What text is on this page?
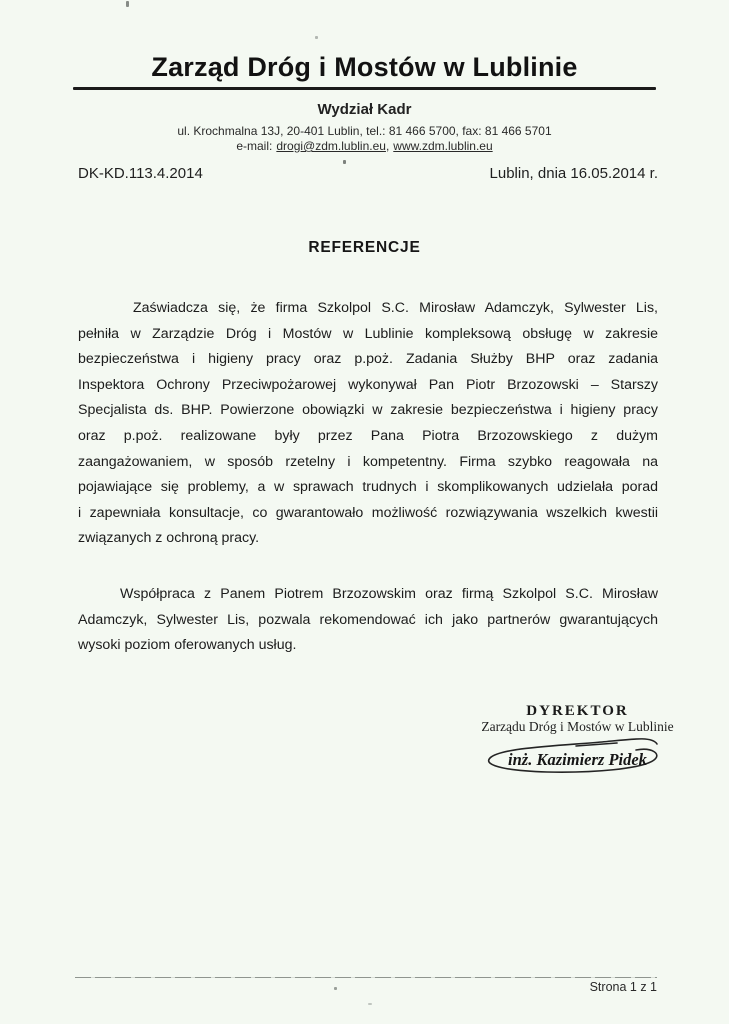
Zarząd Dróg i Mostów w Lublinie
Wydział Kadr
ul. Krochmalna 13J, 20-401 Lublin, tel.: 81 466 5700, fax: 81 466 5701
e-mail: drogi@zdm.lublin.eu, www.zdm.lublin.eu
DK-KD.113.4.2014	Lublin, dnia 16.05.2014 r.
REFERENCJE
Zaświadcza się, że firma Szkolpol S.C. Mirosław Adamczyk, Sylwester Lis,
pełniła w Zarządzie Dróg i Mostów w Lublinie kompleksową obsługę w zakresie
bezpieczeństwa i higieny pracy oraz p.poż. Zadania Służby BHP oraz zadania
Inspektora Ochrony Przeciwpożarowej wykonywał Pan Piotr Brzozowski – Starszy
Specjalista ds. BHP. Powierzone obowiązki w zakresie bezpieczeństwa i higieny pracy
oraz p.poż. realizowane były przez Pana Piotra Brzozowskiego z dużym
zaangażowaniem, w sposób rzetelny i kompetentny. Firma szybko reagowała na
pojawiające się problemy, a w sprawach trudnych i skomplikowanych udzielała porad
i zapewniała konsultacje, co gwarantowało możliwość rozwiązywania wszelkich kwestii
związanych z ochroną pracy.
Współpraca z Panem Piotrem Brzozowskim oraz firmą Szkolpol S.C. Mirosław
Adamczyk, Sylwester Lis, pozwala rekomendować ich jako partnerów gwarantujących
wysoki poziom oferowanych usług.
DYREKTOR
Zarządu Dróg i Mostów w Lublinie
inż. Kazimierz Pidek
Strona 1 z 1
